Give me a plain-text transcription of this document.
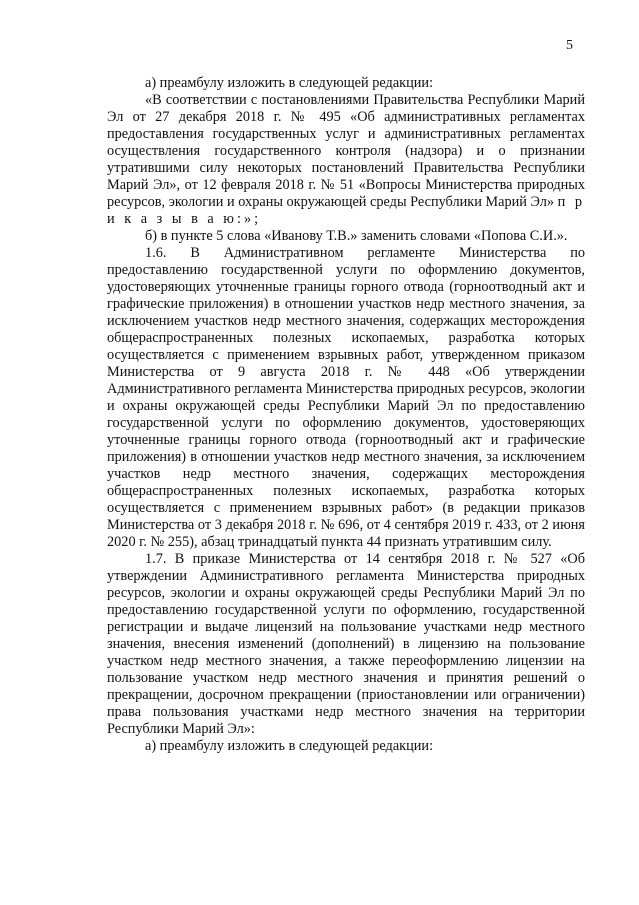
5

а) преамбулу изложить в следующей редакции:

«В соответствии с постановлениями Правительства Республики Марий Эл от 27 декабря 2018 г. № 495 «Об административных регламентах предоставления государственных услуг и административных регламентах осуществления государственного контроля (надзора) и о признании утратившими силу некоторых постановлений Правительства Республики Марий Эл», от 12 февраля 2018 г. № 51 «Вопросы Министерства природных ресурсов, экологии и охраны окружающей среды Республики Марий Эл» п р и к а з ы в а ю:»;

б) в пункте 5 слова «Иванову Т.В.» заменить словами «Попова С.И.».

1.6. В Административном регламенте Министерства по предоставлению государственной услуги по оформлению документов, удостоверяющих уточненные границы горного отвода (горноотводный акт и графические приложения) в отношении участков недр местного значения, за исключением участков недр местного значения, содержащих месторождения общераспространенных полезных ископаемых, разработка которых осуществляется с применением взрывных работ, утвержденном приказом Министерства от 9 августа 2018 г. № 448 «Об утверждении Административного регламента Министерства природных ресурсов, экологии и охраны окружающей среды Республики Марий Эл по предоставлению государственной услуги по оформлению документов, удостоверяющих уточненные границы горного отвода (горноотводный акт и графические приложения) в отношении участков недр местного значения, за исключением участков недр местного значения, содержащих месторождения общераспространенных полезных ископаемых, разработка которых осуществляется с применением взрывных работ» (в редакции приказов Министерства от 3 декабря 2018 г. № 696, от 4 сентября 2019 г. 433, от 2 июня 2020 г. № 255), абзац тринадцатый пункта 44 признать утратившим силу.

1.7. В приказе Министерства от 14 сентября 2018 г. № 527 «Об утверждении Административного регламента Министерства природных ресурсов, экологии и охраны окружающей среды Республики Марий Эл по предоставлению государственной услуги по оформлению, государственной регистрации и выдаче лицензий на пользование участками недр местного значения, внесения изменений (дополнений) в лицензию на пользование участком недр местного значения, а также переоформлению лицензии на пользование участком недр местного значения и принятия решений о прекращении, досрочном прекращении (приостановлении или ограничении) права пользования участками недр местного значения на территории Республики Марий Эл»:

а) преамбулу изложить в следующей редакции:
